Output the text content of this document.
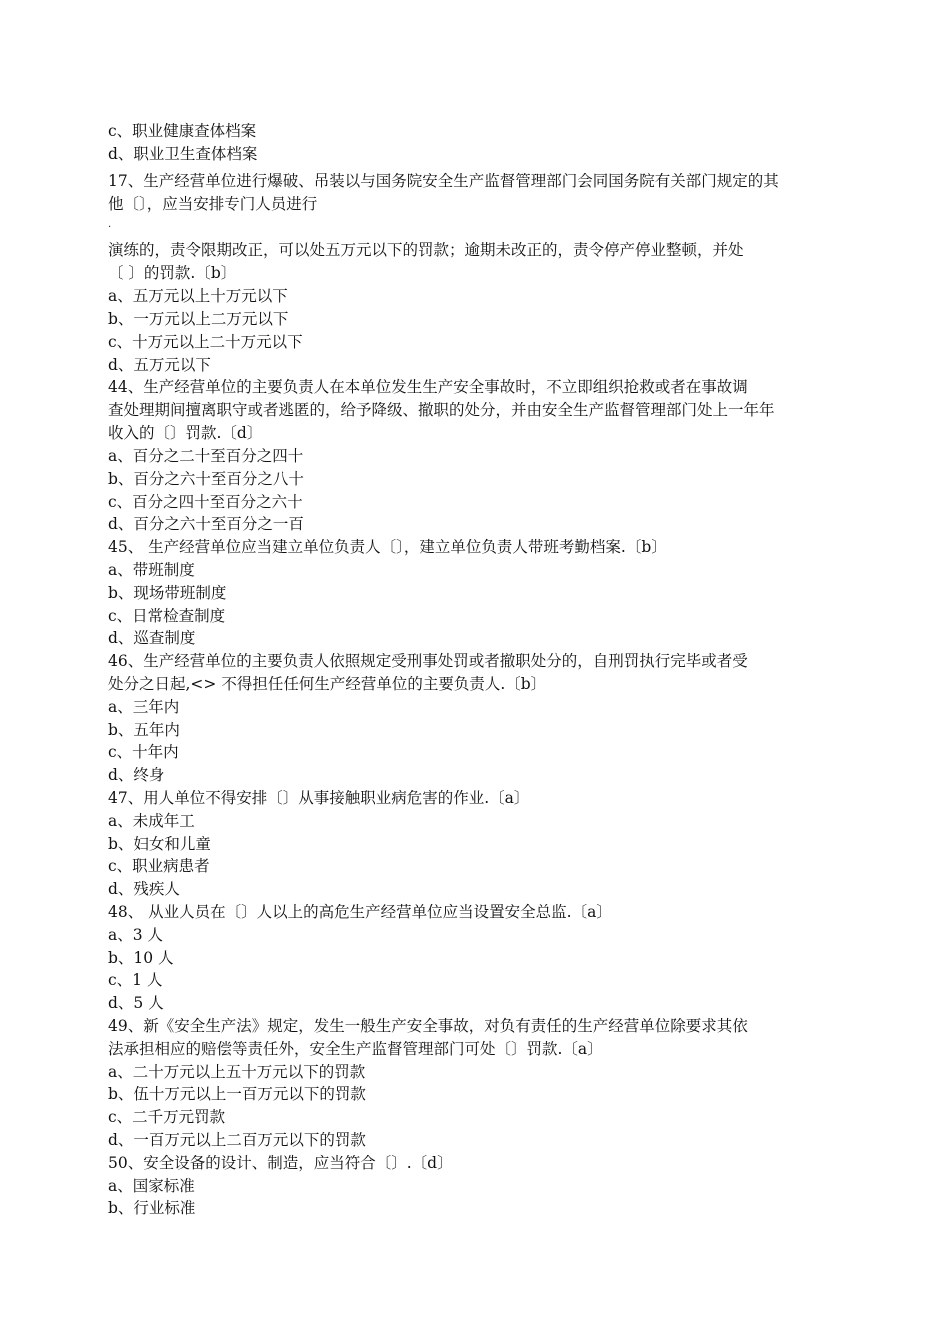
c、职业健康查体档案
d、职业卫生查体档案
17、生产经营单位进行爆破、吊装以与国务院安全生产监督管理部门会同国务院有关部门规定的其
他〔〕，应当安排专门人员进行
.
演练的，责令限期改正，可以处五万元以下的罚款；逾期未改正的，责令停产停业整顿，并处
〔 〕的罚款.〔b〕
a、五万元以上十万元以下
b、一万元以上二万元以下
c、十万元以上二十万元以下
d、五万元以下
44、生产经营单位的主要负责人在本单位发生生产安全事故时，不立即组织抢救或者在事故调
查处理期间擅离职守或者逃匿的，给予降级、撤职的处分，并由安全生产监督管理部门处上一年年
收入的〔〕罚款.〔d〕
a、百分之二十至百分之四十
b、百分之六十至百分之八十
c、百分之四十至百分之六十
d、百分之六十至百分之一百
45、 生产经营单位应当建立单位负责人〔〕，建立单位负责人带班考勤档案.〔b〕
a、带班制度
b、现场带班制度
c、日常检查制度
d、巡查制度
46、生产经营单位的主要负责人依照规定受刑事处罚或者撤职处分的，自刑罚执行完毕或者受
处分之日起,<> 不得担任任何生产经营单位的主要负责人.〔b〕
a、三年内
b、五年内
c、十年内
d、终身
47、用人单位不得安排〔〕从事接触职业病危害的作业.〔a〕
a、未成年工
b、妇女和儿童
c、职业病患者
d、残疾人
48、 从业人员在〔〕人以上的高危生产经营单位应当设置安全总监.〔a〕
a、3 人
b、10 人
c、1 人
d、5 人
49、新《安全生产法》规定，发生一般生产安全事故，对负有责任的生产经营单位除要求其依
法承担相应的赔偿等责任外，安全生产监督管理部门可处〔〕罚款.〔a〕
a、二十万元以上五十万元以下的罚款
b、伍十万元以上一百万元以下的罚款
c、二千万元罚款
d、一百万元以上二百万元以下的罚款
50、安全设备的设计、制造，应当符合〔〕.〔d〕
a、国家标准
b、行业标准
